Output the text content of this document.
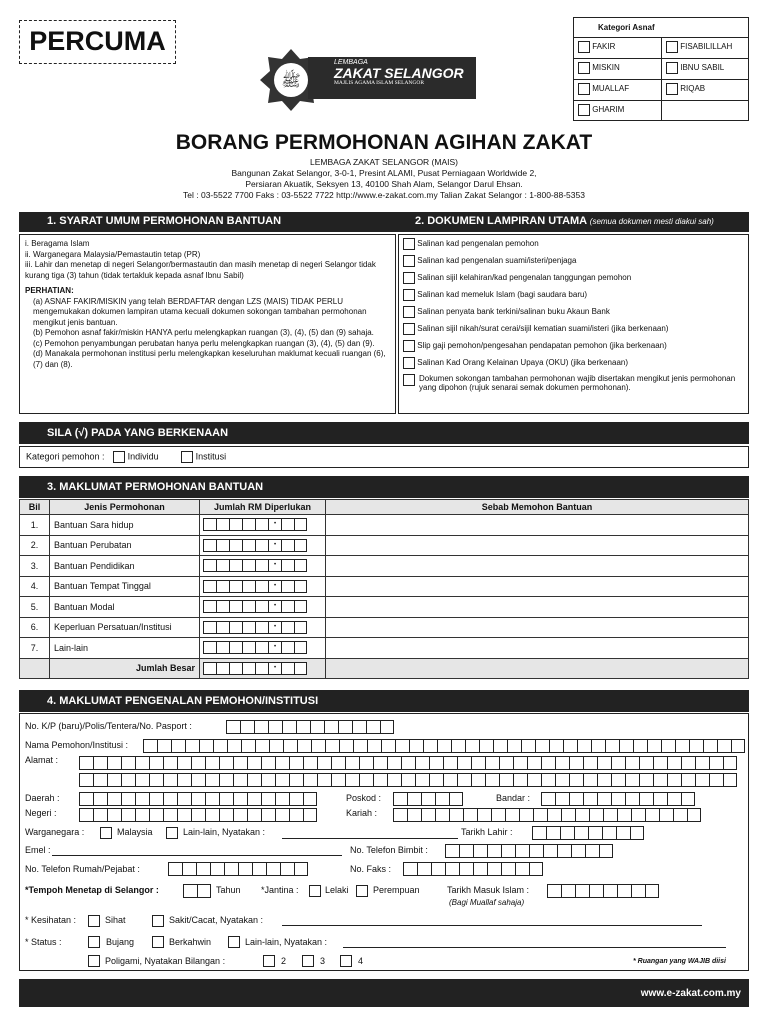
PERCUMA
ﷺ
LEMBAGA
ZAKAT SELANGOR
MAJLIS AGAMA ISLAM SELANGOR
Kategori Asnaf
FAKIR	FISABILILLAH
MISKIN	IBNU SABIL
MUALLAF	RIQAB
GHARIM
BORANG PERMOHONAN AGIHAN ZAKAT
LEMBAGA ZAKAT SELANGOR (MAIS)
Bangunan Zakat Selangor, 3-0-1, Presint ALAMI, Pusat Perniagaan Worldwide 2,
Persiaran Akuatik, Seksyen 13, 40100 Shah Alam, Selangor Darul Ehsan.
Tel : 03-5522 7700 Faks : 03-5522 7722 http://www.e-zakat.com.my Talian Zakat Selangor : 1-800-88-5353
1. SYARAT UMUM PERMOHONAN BANTUAN	2. DOKUMEN LAMPIRAN UTAMA (semua dokumen mesti diakui sah)
i. Beragama Islam
ii. Warganegara Malaysia/Pemastautin tetap (PR)
iii. Lahir dan menetap di negeri Selangor/bermastautin dan masih menetap di negeri Selangor tidak kurang tiga (3) tahun (tidak tertakluk kepada asnaf Ibnu Sabil)
PERHATIAN:
(a) ASNAF FAKIR/MISKIN yang telah BERDAFTAR dengan LZS (MAIS) TIDAK PERLU mengemukakan dokumen lampiran utama kecuali dokumen sokongan tambahan permohonan mengikut jenis bantuan.
(b) Pemohon asnaf fakir/miskin HANYA perlu melengkapkan ruangan (3), (4), (5) dan (9) sahaja.
(c) Pemohon penyambungan perubatan hanya perlu melengkapkan ruangan (3), (4), (5) dan (9).
(d) Manakala permohonan institusi perlu melengkapkan keseluruhan maklumat kecuali ruangan (6), (7) dan (8).
Salinan kad pengenalan pemohon
Salinan kad pengenalan suami/isteri/penjaga
Salinan sijil kelahiran/kad pengenalan tanggungan pemohon
Salinan kad memeluk Islam (bagi saudara baru)
Salinan penyata bank terkini/salinan buku Akaun Bank
Salinan sijil nikah/surat cerai/sijil kematian suami/isteri (jika berkenaan)
Slip gaji pemohon/pengesahan pendapatan pemohon (jika berkenaan)
Salinan Kad Orang Kelainan Upaya (OKU) (jika berkenaan)
Dokumen sokongan tambahan permohonan wajib disertakan mengikut jenis permohonan yang dipohon (rujuk senarai semak dokumen permohonan).
SILA (√) PADA YANG BERKENAAN
Kategori pemohon :	Individu	Institusi
3. MAKLUMAT PERMOHONAN BANTUAN
Bil	Jenis Permohonan	Jumlah RM Diperlukan	Sebab Memohon Bantuan
1.	Bantuan Sara hidup	•	

2.	Bantuan Perubatan	•	

3.	Bantuan Pendidikan	•	

4.	Bantuan Tempat Tinggal	•	

5.	Bantuan Modal	•	

6.	Keperluan Persatuan/Institusi	•	

7.	Lain-lain	•	

	Jumlah Besar	•	

4. MAKLUMAT PENGENALAN PEMOHON/INSTITUSI
No. K/P (baru)/Polis/Tentera/No. Pasport :
Nama Pemohon/Institusi :
Alamat :
Daerah :	Poskod :	Bandar :
Negeri :	Kariah :
Warganegara :	Malaysia	Lain-lain, Nyatakan :	Tarikh Lahir :
Emel :	No. Telefon Bimbit :
No. Telefon Rumah/Pejabat :	No. Faks :
*Tempoh Menetap di Selangor :	Tahun *Jantina :	Lelaki	Perempuan	Tarikh Masuk Islam :
(Bagi Muallaf sahaja)
* Kesihatan :	Sihat	Sakit/Cacat, Nyatakan :
* Status :	Bujang	Berkahwin	Lain-lain, Nyatakan :
Poligami, Nyatakan Bilangan :	2	3	4	* Ruangan yang WAJIB diisi
www.e-zakat.com.my
